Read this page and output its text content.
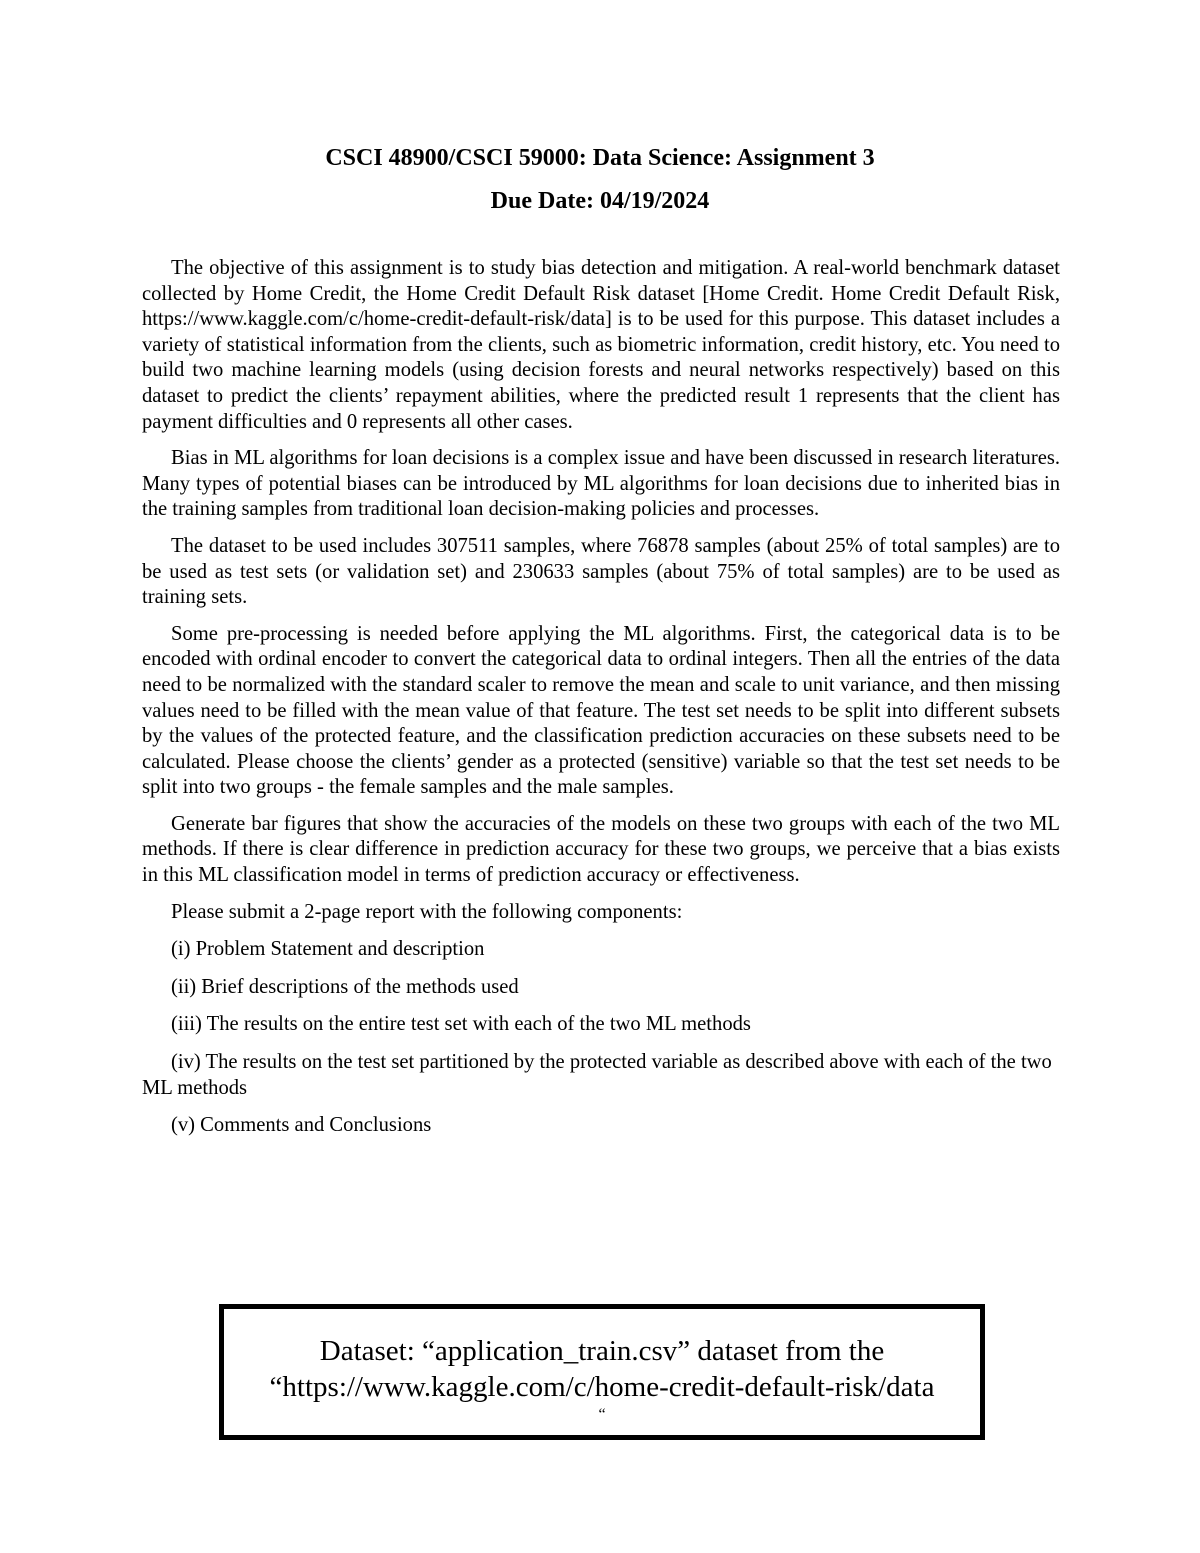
CSCI 48900/CSCI 59000: Data Science: Assignment 3
Due Date: 04/19/2024

The objective of this assignment is to study bias detection and mitigation. A real-world benchmark dataset collected by Home Credit, the Home Credit Default Risk dataset [Home Credit. Home Credit Default Risk, https://www.kaggle.com/c/home-credit-default-risk/data] is to be used for this purpose. This dataset includes a variety of statistical information from the clients, such as biometric information, credit history, etc. You need to build two machine learning models (using decision forests and neural networks respectively) based on this dataset to predict the clients’ repayment abilities, where the predicted result 1 represents that the client has payment difficulties and 0 represents all other cases.

Bias in ML algorithms for loan decisions is a complex issue and have been discussed in research literatures. Many types of potential biases can be introduced by ML algorithms for loan decisions due to inherited bias in the training samples from traditional loan decision-making policies and processes.

The dataset to be used includes 307511 samples, where 76878 samples (about 25% of total samples) are to be used as test sets (or validation set) and 230633 samples (about 75% of total samples) are to be used as training sets.

Some pre-processing is needed before applying the ML algorithms. First, the categorical data is to be encoded with ordinal encoder to convert the categorical data to ordinal integers. Then all the entries of the data need to be normalized with the standard scaler to remove the mean and scale to unit variance, and then missing values need to be filled with the mean value of that feature. The test set needs to be split into different subsets by the values of the protected feature, and the classification prediction accuracies on these subsets need to be calculated. Please choose the clients’ gender as a protected (sensitive) variable so that the test set needs to be split into two groups - the female samples and the male samples.

Generate bar figures that show the accuracies of the models on these two groups with each of the two ML methods. If there is clear difference in prediction accuracy for these two groups, we perceive that a bias exists in this ML classification model in terms of prediction accuracy or effectiveness.

Please submit a 2-page report with the following components:

(i) Problem Statement and description

(ii) Brief descriptions of the methods used

(iii) The results on the entire test set with each of the two ML methods

(iv) The results on the test set partitioned by the protected variable as described above with each of the two ML methods

(v) Comments and Conclusions

Dataset: “application_train.csv” dataset from the
“https://www.kaggle.com/c/home-credit-default-risk/data
“
